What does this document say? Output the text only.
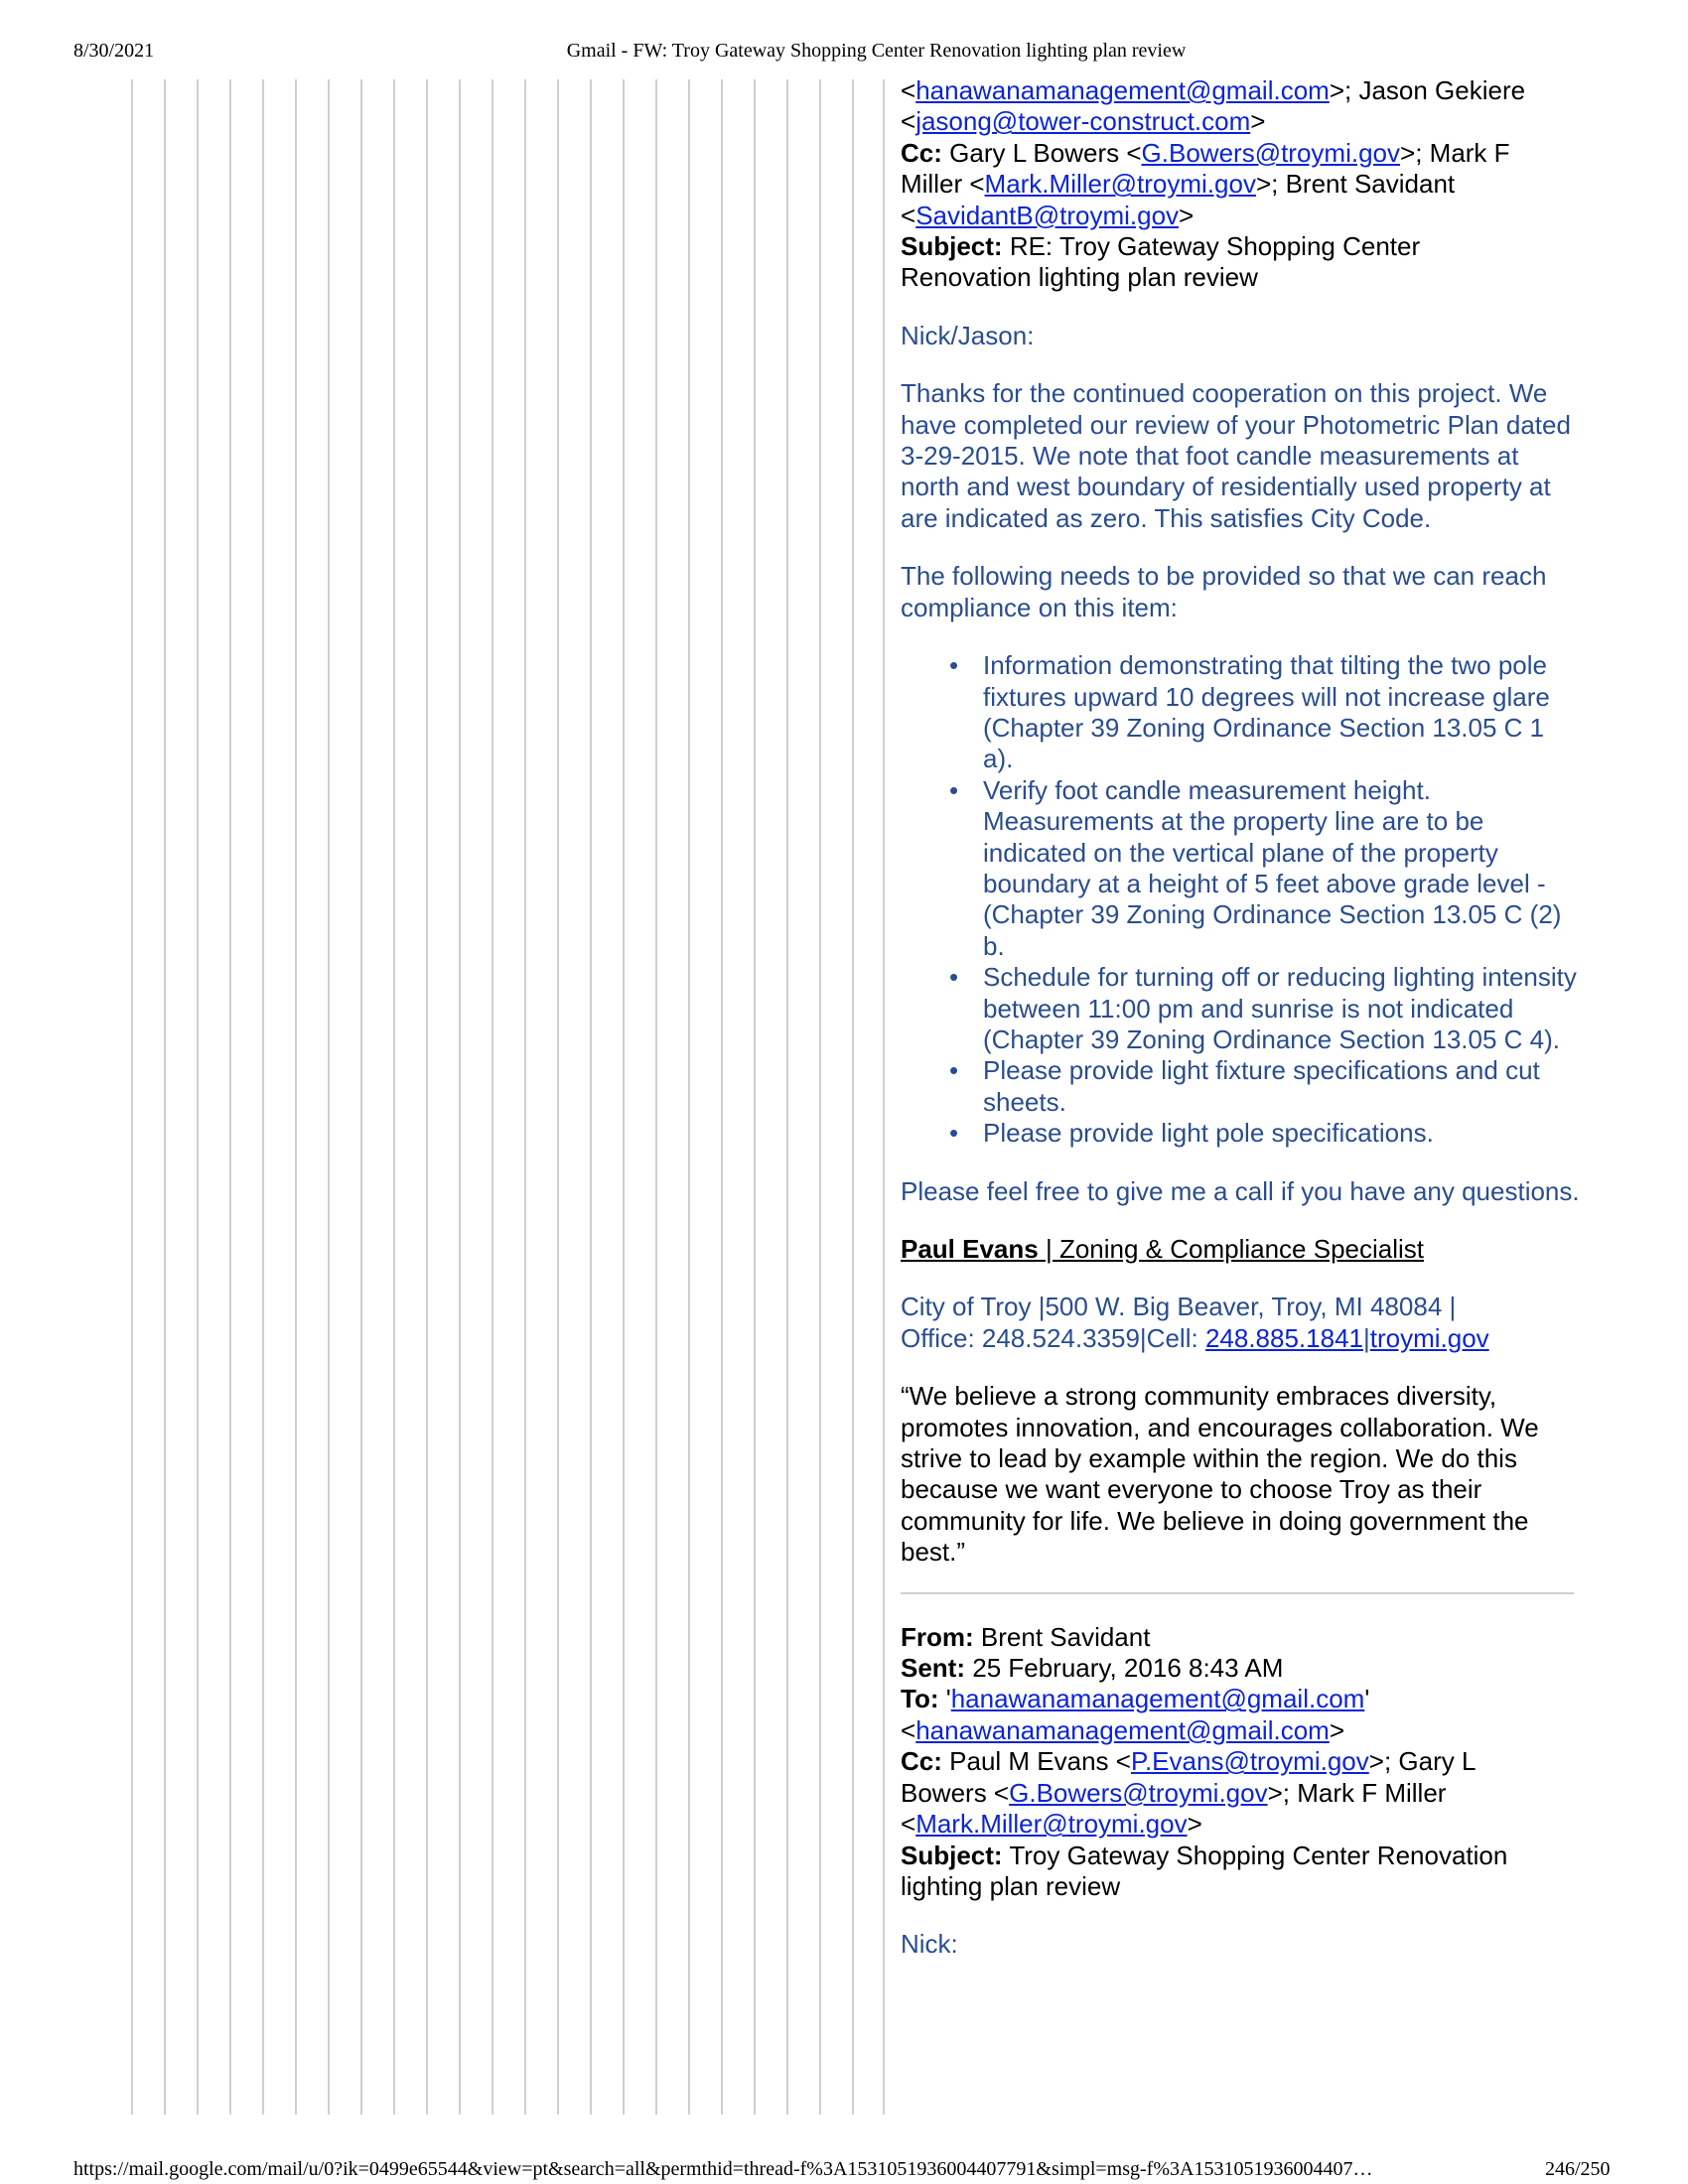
8/30/2021	Gmail - FW: Troy Gateway Shopping Center Renovation lighting plan review
<hanawanamanagement@gmail.com>; Jason Gekiere
<jasong@tower-construct.com>
Cc: Gary L Bowers <G.Bowers@troymi.gov>; Mark F
Miller <Mark.Miller@troymi.gov>; Brent Savidant
<SavidantB@troymi.gov>
Subject: RE: Troy Gateway Shopping Center
Renovation lighting plan review
Nick/Jason:
Thanks for the continued cooperation on this project. We have completed our review of your Photometric Plan dated 3-29-2015. We note that foot candle measurements at north and west boundary of residentially used property at are indicated as zero. This satisfies City Code.
The following needs to be provided so that we can reach compliance on this item:
• Information demonstrating that tilting the two pole fixtures upward 10 degrees will not increase glare (Chapter 39 Zoning Ordinance Section 13.05 C 1 a).
• Verify foot candle measurement height. Measurements at the property line are to be indicated on the vertical plane of the property boundary at a height of 5 feet above grade level - (Chapter 39 Zoning Ordinance Section 13.05 C (2) b.
• Schedule for turning off or reducing lighting intensity between 11:00 pm and sunrise is not indicated (Chapter 39 Zoning Ordinance Section 13.05 C 4).
• Please provide light fixture specifications and cut sheets.
• Please provide light pole specifications.
Please feel free to give me a call if you have any questions.
Paul Evans | Zoning & Compliance Specialist
City of Troy |500 W. Big Beaver, Troy, MI 48084 |
Office: 248.524.3359|Cell: 248.885.1841|troymi.gov
“We believe a strong community embraces diversity, promotes innovation, and encourages collaboration. We strive to lead by example within the region. We do this because we want everyone to choose Troy as their community for life. We believe in doing government the best.”
From: Brent Savidant
Sent: 25 February, 2016 8:43 AM
To: 'hanawanamanagement@gmail.com'
<hanawanamanagement@gmail.com>
Cc: Paul M Evans <P.Evans@troymi.gov>; Gary L
Bowers <G.Bowers@troymi.gov>; Mark F Miller
<Mark.Miller@troymi.gov>
Subject: Troy Gateway Shopping Center Renovation
lighting plan review
Nick:
https://mail.google.com/mail/u/0?ik=0499e65544&view=pt&search=all&permthid=thread-f%3A1531051936004407791&simpl=msg-f%3A1531051936004407…	246/250
